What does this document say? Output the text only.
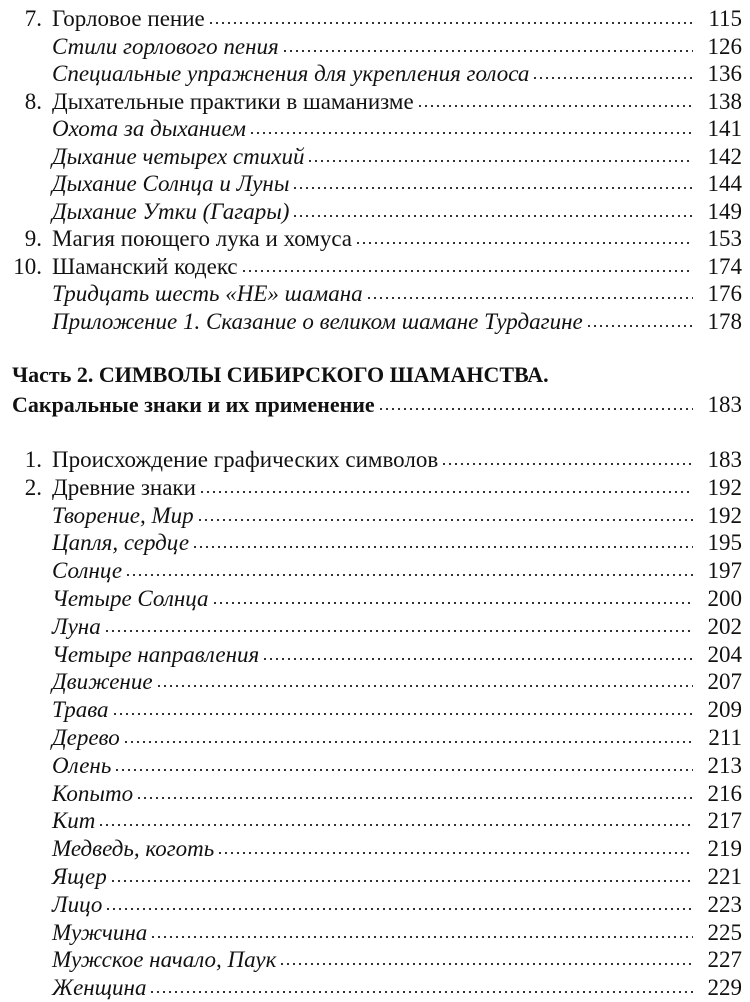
7. Горловое пение	115
Стили горлового пения	126
Специальные упражнения для укрепления голоса	136
8. Дыхательные практики в шаманизме	138
Охота за дыханием	141
Дыхание четырех стихий	142
Дыхание Солнца и Луны	144
Дыхание Утки (Гагары)	149
9. Магия поющего лука и хомуса	153
10. Шаманский кодекс	174
Тридцать шесть «НЕ» шамана	176
Приложение 1. Сказание о великом шамане Турдагине	178
Часть 2. СИМВОЛЫ СИБИРСКОГО ШАМАНСТВА.
Сакральные знаки и их применение	183
1. Происхождение графических символов	183
2. Древние знаки	192
Творение, Мир	192
Цапля, сердце	195
Солнце	197
Четыре Солнца	200
Луна	202
Четыре направления	204
Движение	207
Трава	209
Дерево	211
Олень	213
Копыто	216
Кит	217
Медведь, коготь	219
Ящер	221
Лицо	223
Мужчина	225
Мужское начало, Паук	227
Женщина	229
